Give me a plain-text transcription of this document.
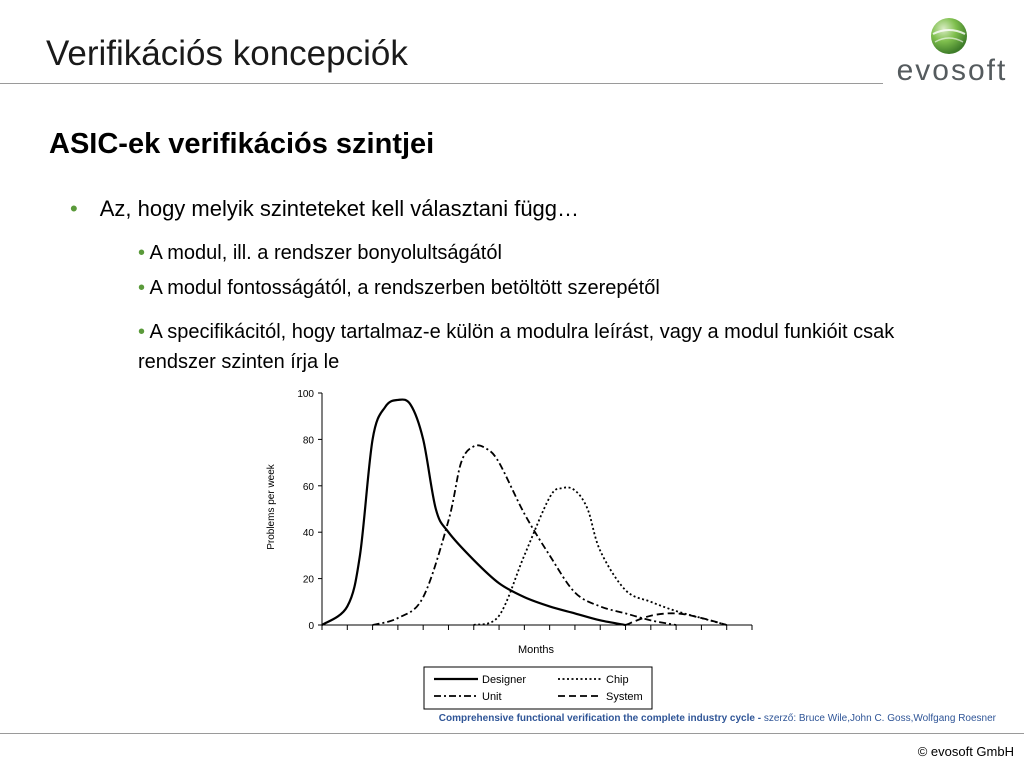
Verifikációs koncepciók	evosoft
ASIC-ek verifikációs szintjei
• Az, hogy melyik szinteteket kell választani függ…
• A modul, ill. a rendszer bonyolultságától
• A modul fontosságától, a rendszerben betöltött szerepétől
• A specifikácitól, hogy tartalmaz-e külön a modulra leírást, vagy a modul funkióit csak rendszer szinten írja le
0
20
40
60
80
100
Problems per week
Months
Designer
Unit
Chip
System
Comprehensive functional verification the complete industry cycle - szerző: Bruce Wile,John C. Goss,Wolfgang Roesner
© evosoft GmbH
